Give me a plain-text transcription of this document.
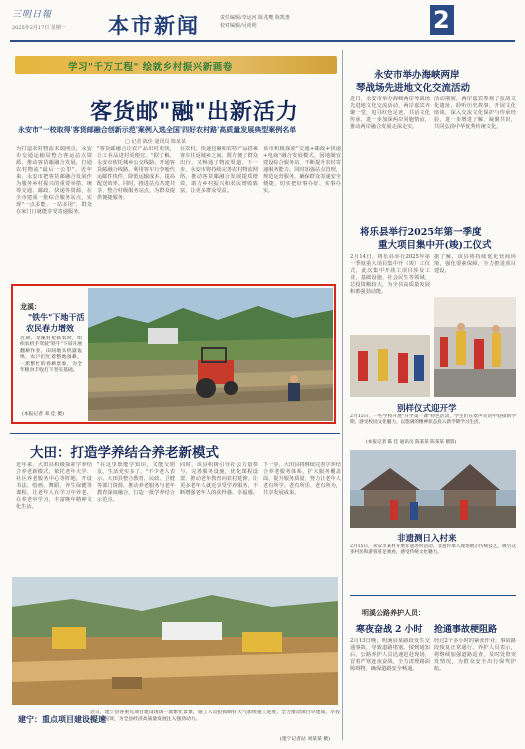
三明日報
2025年2月17日 星期一 本市新闻	责任编辑/李运河 陈兆鹰 陈凯惠
校对编辑/吴尚明	2
学习"千万工程" 绘就乡村振兴新画卷
客货邮"融"出新活力
永安市"一校取得'客货邮融合创新示范'案例入选全国'四好农村路'高质量发展典型案例名单
□ 记者 陈佳 通讯员 陈某某
为打造农村物流末端网点，永安市交通运输局整合客运站点资源，推动客货邮融合发展，打通农村物流"最后一公里"。近年来，永安市把客货邮融合发展作为服务乡村振兴的重要举措，统筹交通、邮政、快递等资源，在全市建成一批综合服务站点，实现"一点多能、一站多用"，群众在家门口就能享受寄递服务。
"客货邮融合让农产品出村更快，让工业品进村更便宜。"据了解，永安市依托城乡公交线路，开通客货邮融合线路，利用客车行李舱代运邮件快件，降低运输成本，提高配送效率。同时，推进站点共建共享，整合村级服务站点，为群众提供便捷服务。
在农村，快递包裹和农特产品搭乘客车往返城乡之间，既方便了群众出行，又畅通了物流渠道。下一步，永安市将持续完善农村物流网络，推动客货邮融合发展提质增效，助力乡村振兴和农民增收致富，让更多群众受益。
该市积极探索"交通+邮政+快递+电商"融合发展模式，因地制宜建设综合服务站，不断提升农村寄递服务能力。同时加强站点管理，规范运营服务，确保群众寄递安全便捷，切实把好事办好、实事办实。
龙溪：
"铁牛"下地干活
农民春力增效
近期，龙溪村抢抓农时，组织农机手驾驶"铁牛"下田开展翻耕作业。田间地头机器轰鸣，农户们忙着整地备耕，一派繁忙的春耕景象，为全年粮食丰收打下坚实基础。
(本报记者 邓 佳 摄)
大田：打造学养结合养老新模式
近年来，大田县积极探索学养结合养老新模式，依托老年大学、社区养老服务中心等阵地，开设书法、绘画、舞蹈、养生保健等课程，让老年人在学习中养老、在养老中学习，丰富晚年精神文化生活。
"在这里既能学知识，又能交朋友，生活充实多了。"不少老人表示。大田县整合教育、民政、卫健等部门资源，推动养老服务与老年教育深度融合，打造一批学养结合示范点。
同时，该县积极引导社会力量参与，完善服务设施，优化课程设置，推动老年教育向农村延伸，让更多老年人就近享受学养服务，不断增强老年人的获得感、幸福感。
下一步，大田县将继续完善学养结合养老服务体系，扩大服务覆盖面，提升服务质量，努力让老年人老有所学、老有所乐、老有所为，共享发展成果。
建宁：重点项目建设提速
近日，建宁县各重点项目建设现场一派繁忙景象，施工人员抢抓晴好天气加快施工进度，全力推动项目早建成、早投用、早见效，为全县经济高质量发展注入强劲动力。
(建宁记者站 刘某某 摄)
永安市举办海峡两岸
琴战场先进地文化交流活动
近日，永安市举办海峡两岸琴战场先进地文化交流活动，两岸嘉宾齐聚一堂，追寻红色足迹，共话文化传承，进一步加深两岸同胞情谊，推动两岸融合发展走深走实。
活动期间，两岸嘉宾参观了抗战文化遗址，聆听历史故事，开展文化座谈，深入交流文化保护与传承经验，进一步增进了解、凝聚共识，共同弘扬中华优秀传统文化。
将乐县举行2025年第一季度
重大项目集中开(竣)工仪式
2月14日，将乐县举行2025年第一季度重大项目集中开（竣）工仪式，此次集中开竣工项目涉及工业、基础设施、社会民生等领域，总投资额较大，为全县高质量发展积蓄强劲动能。
据了解，该县将持续优化营商环境，强化要素保障，全力推进项目建设。
别样仪式迎开学
2月15日，一些学校开展"开学第一课"特色活动，学生们在欢声笑语中迎接新学期，感受校园文化魅力，以饱满的精神状态投入新学期学习生活。
(本报记者 陈 佳 通讯员 陈某某 陈某某 摄影)
非遗测日入村来
2月15日，永安市某村开展非遗进村活动，非遗传承人现场展示传统技艺，吸引众多村民和游客驻足观看，感受传统文化魅力。
明溪公路养护人员：
寒夜奋战 2 小时 抢通事故梗阻路
2月13日晚，明溪县某路段发生交通事故，导致道路堵塞。接到通知后，公路养护人员迅速赶赴现场，冒着严寒连夜奋战，全力清理路面障碍物，确保道路安全畅通。
经过2个多小时的紧张作业，事故路段恢复正常通行。养护人员表示，将继续加强道路巡查，及时处置突发情况，为群众安全出行保驾护航。
